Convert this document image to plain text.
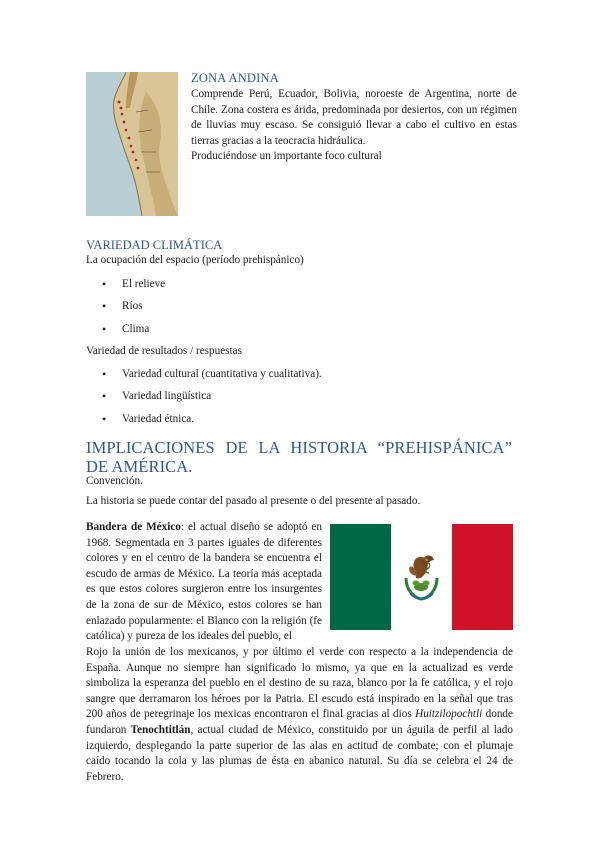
ZONA ANDINA

Comprende Perú, Ecuador, Bolivia, noroeste de Argentina, norte de Chile. Zona costera es árida, predominada por desiertos, con un régimen de lluvias muy escaso. Se consiguió llevar a cabo el cultivo en estas tierras gracias a la teocracia hidráulica.

Produciéndose un importante foco cultural

VARIEDAD CLIMÁTICA

La ocupación del espacio (período prehispánico)

• El relieve
• Ríos
• Clima

Variedad de resultados / respuestas

• Variedad cultural (cuantitativa y cualitativa).
• Variedad lingüística
• Variedad étnica.
IMPLICACIONES DE LA HISTORIA “PREHISPÁNICA” DE AMÉRICA.

Convención.

La historia se puede contar del pasado al presente o del presente al pasado.

Bandera de México: el actual diseño se adoptó en 1968. Segmentada en 3 partes iguales de diferentes colores y en el centro de la bandera se encuentra el escudo de armas de México. La teoría más aceptada es que estos colores surgieron entre los insurgentes de la zona de sur de México, estos colores se han enlazado popularmente: el Blanco con la religión (fe católica) y pureza de los ideales del pueblo, el

Rojo la unión de los mexicanos, y por último el verde con respecto a la independencia de España. Aunque no siempre han significado lo mismo, ya que en la actualizad es verde simboliza la esperanza del pueblo en el destino de su raza, blanco por la fe católica, y el rojo sangre que derramaron los héroes por la Patria. El escudo está inspirado en la señal que tras 200 años de peregrinaje los mexicas encontraron el final gracias al dios Huitzilopochtli donde fundaron Tenochtitlán, actual ciudad de México, constituido por un águila de perfil al lado izquierdo, desplegando la parte superior de las alas en actitud de combate; con el plumaje caído tocando la cola y las plumas de ésta en abanico natural. Su día se celebra el 24 de Febrero.
